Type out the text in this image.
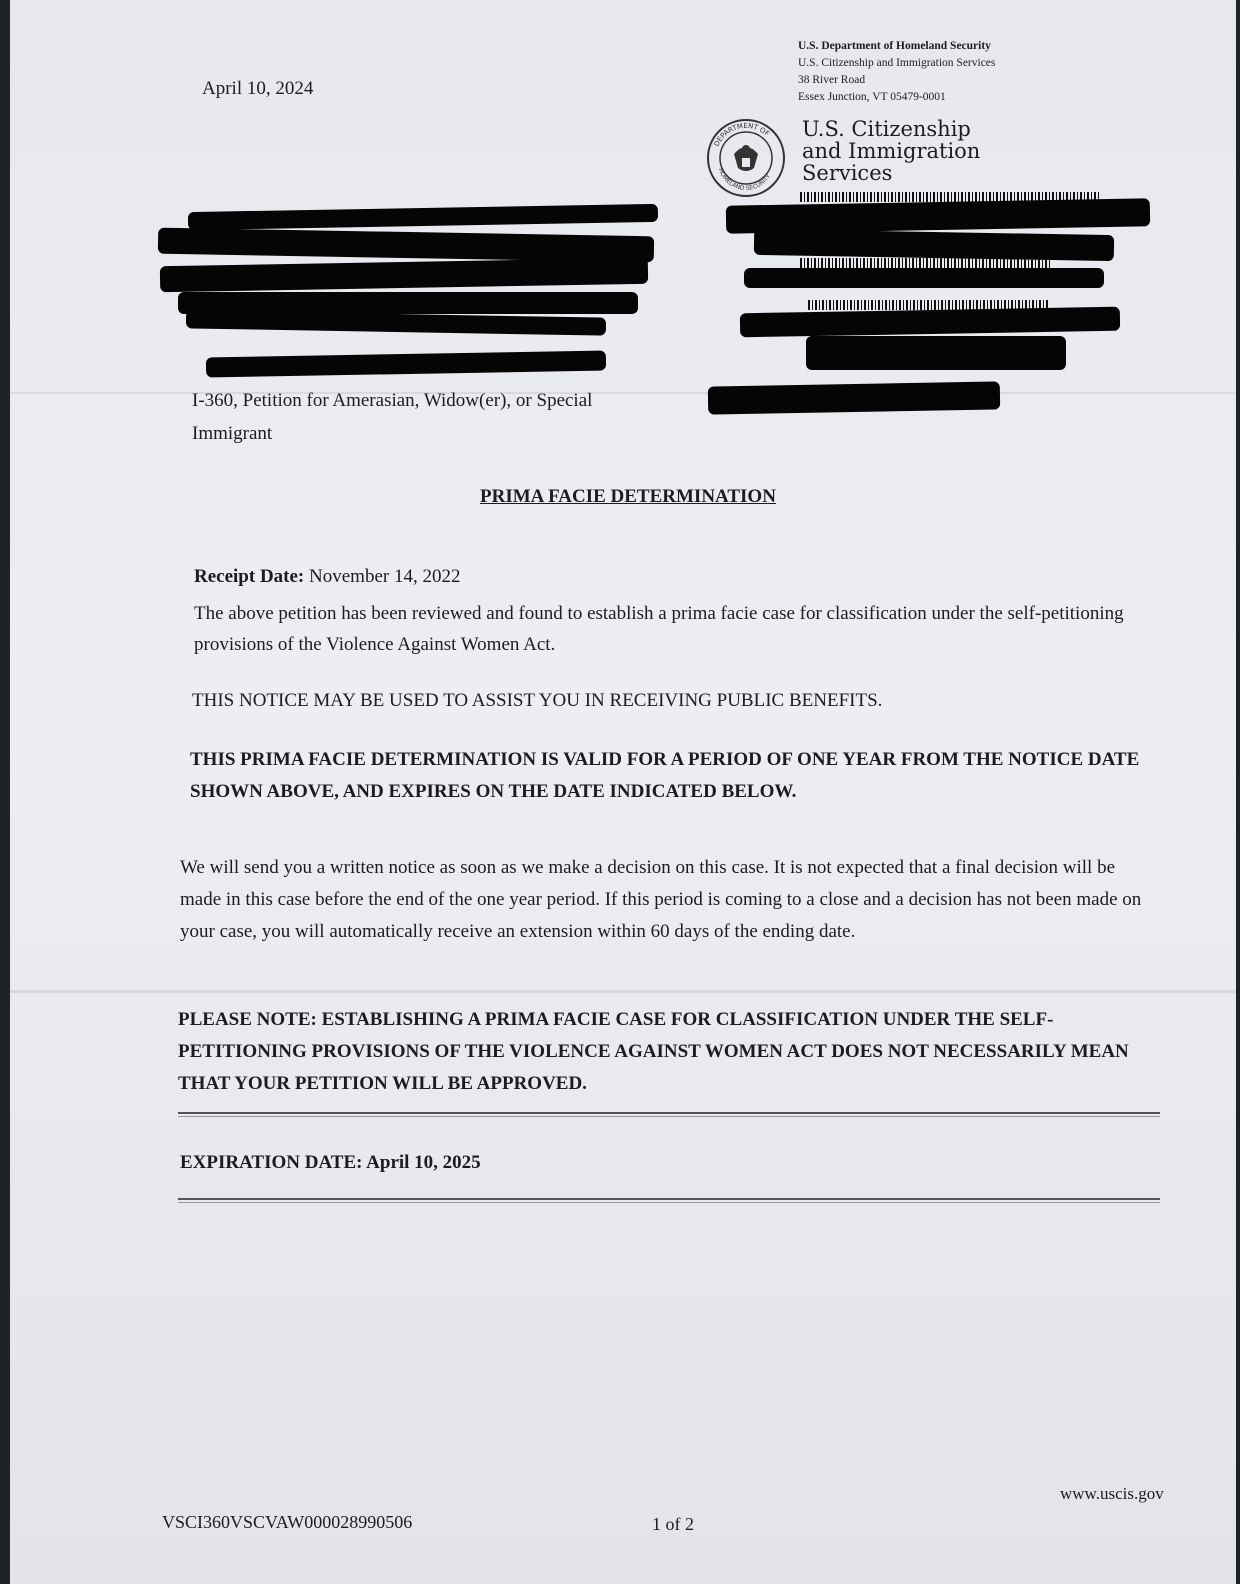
April 10, 2024
U.S. Department of Homeland Security
U.S. Citizenship and Immigration Services
38 River Road
Essex Junction, VT 05479-0001
DEPARTMENT OF
HOMELAND SECURITY
U.S. Citizenship
and Immigration
Services
I-360, Petition for Amerasian, Widow(er), or Special
Immigrant
PRIMA FACIE DETERMINATION
Receipt Date: November 14, 2022
The above petition has been reviewed and found to establish a prima facie case for classification under the self-petitioning provisions of the Violence Against Women Act.
THIS NOTICE MAY BE USED TO ASSIST YOU IN RECEIVING PUBLIC BENEFITS.
THIS PRIMA FACIE DETERMINATION IS VALID FOR A PERIOD OF ONE YEAR FROM THE NOTICE DATE SHOWN ABOVE, AND EXPIRES ON THE DATE INDICATED BELOW.
We will send you a written notice as soon as we make a decision on this case. It is not expected that a final decision will be made in this case before the end of the one year period. If this period is coming to a close and a decision has not been made on your case, you will automatically receive an extension within 60 days of the ending date.
PLEASE NOTE: ESTABLISHING A PRIMA FACIE CASE FOR CLASSIFICATION UNDER THE SELF-PETITIONING PROVISIONS OF THE VIOLENCE AGAINST WOMEN ACT DOES NOT NECESSARILY MEAN THAT YOUR PETITION WILL BE APPROVED.
EXPIRATION DATE: April 10, 2025
VSCI360VSCVAW000028990506	1 of 2
www.uscis.gov
